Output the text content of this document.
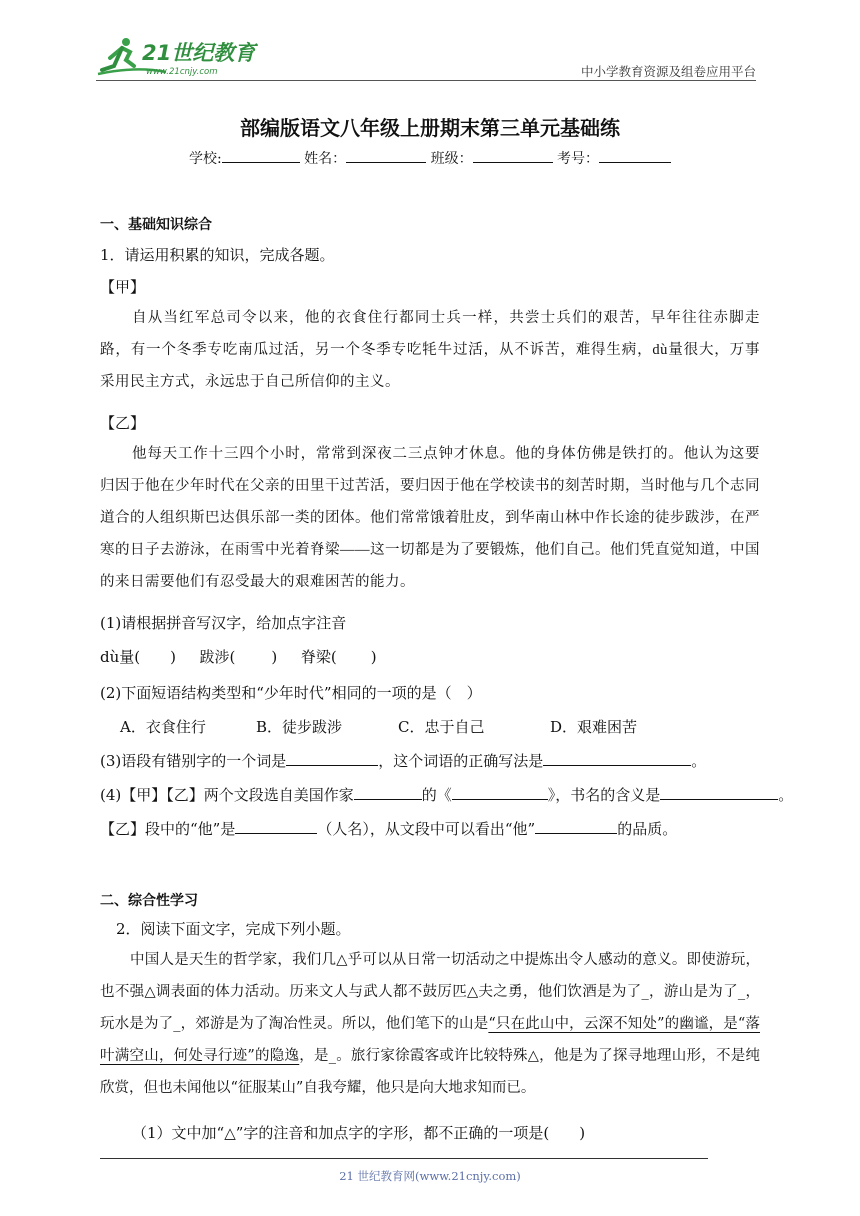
21世纪教育
www.21cnjy.com	中小学教育资源及组卷应用平台
部编版语文八年级上册期末第三单元基础练
学校:	姓名：	班级：	考号：
一、基础知识综合
1．请运用积累的知识，完成各题。
【甲】
自从当红军总司令以来，他的衣食住行都同士兵一样，共尝士兵们的艰苦，早年往往赤脚走路，有一个冬季专吃南瓜过活，另一个冬季专吃牦牛过活，从不诉苦，难得生病，dù量很大，万事采用民主方式，永远忠于自己所信仰的主义。
【乙】
他每天工作十三四个小时，常常到深夜二三点钟才休息。他的身体仿佛是铁打的。他认为这要归因于他在少年时代在父亲的田里干过苦活，要归因于他在学校读书的刻苦时期，当时他与几个志同道合的人组织斯巴达俱乐部一类的团体。他们常常饿着肚皮，到华南山林中作长途的徒步跋涉，在严寒的日子去游泳，在雨雪中光着脊梁——这一切都是为了要锻炼，他们自己。他们凭直觉知道，中国的来日需要他们有忍受最大的艰难困苦的能力。
(1)请根据拼音写汉字，给加点字注音
dù量( ) 跋涉( ) 脊梁( )
(2)下面短语结构类型和“少年时代”相同的一项的是（　）
A．衣食住行	B．徒步跋涉	C．忠于自己	D．艰难困苦
(3)语段有错别字的一个词是	，这个词语的正确写法是	。
(4)【甲】【乙】两个文段选自美国作家	的《	》，书名的含义是	。
【乙】段中的“他”是	（人名），从文段中可以看出“他”	的品质。
二、综合性学习
2．阅读下面文字，完成下列小题。
中国人是天生的哲学家，我们几△乎可以从日常一切活动之中提炼出令人感动的意义。即使游玩，也不强△调表面的体力活动。历来文人与武人都不鼓厉匹△夫之勇，他们饮酒是为了_，游山是为了_，玩水是为了_，郊游是为了淘冶性灵。所以，他们笔下的山是“只在此山中，云深不知处”的幽谧，是“落叶满空山，何处寻行迹”的隐逸，是_。旅行家徐霞客或许比较特殊△，他是为了探寻地理山形，不是纯欣赏，但也未闻他以“征服某山”自我夸耀，他只是向大地求知而已。
（1）文中加“△”字的注音和加点字的字形，都不正确的一项是(　　)
21 世纪教育网(www.21cnjy.com)
